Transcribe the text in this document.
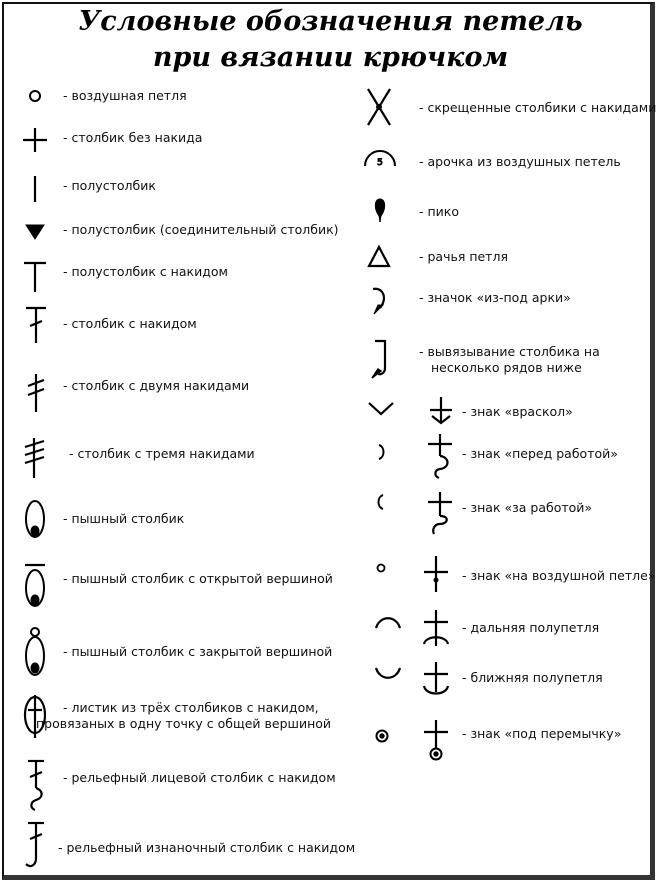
Условные обозначения петель
при вязании крючком
- воздушная петля
- столбик без накида
- полустолбик
- полустолбик (соединительный столбик)
- полустолбик с накидом
- столбик с накидом
- столбик с двумя накидами
- столбик с тремя накидами
- пышный столбик
- пышный столбик с открытой вершиной
- пышный столбик с закрытой вершиной
- листик из трёх столбиков с накидом,
провязаных в одну точку с общей вершиной
- рельефный лицевой столбик с накидом
- рельефный изнаночный столбик с накидом
- скрещенные столбики с накидами
5	- арочка из воздушных петель
- пико
- рачья петля
- значок «из-под арки»
- вывязывание столбика на
несколько рядов ниже
- знак «враскол»
- знак «перед работой»
- знак «за работой»
- знак «на воздушной петле»
- дальняя полупетля
- ближняя полупетля
- знак «под перемычку»
